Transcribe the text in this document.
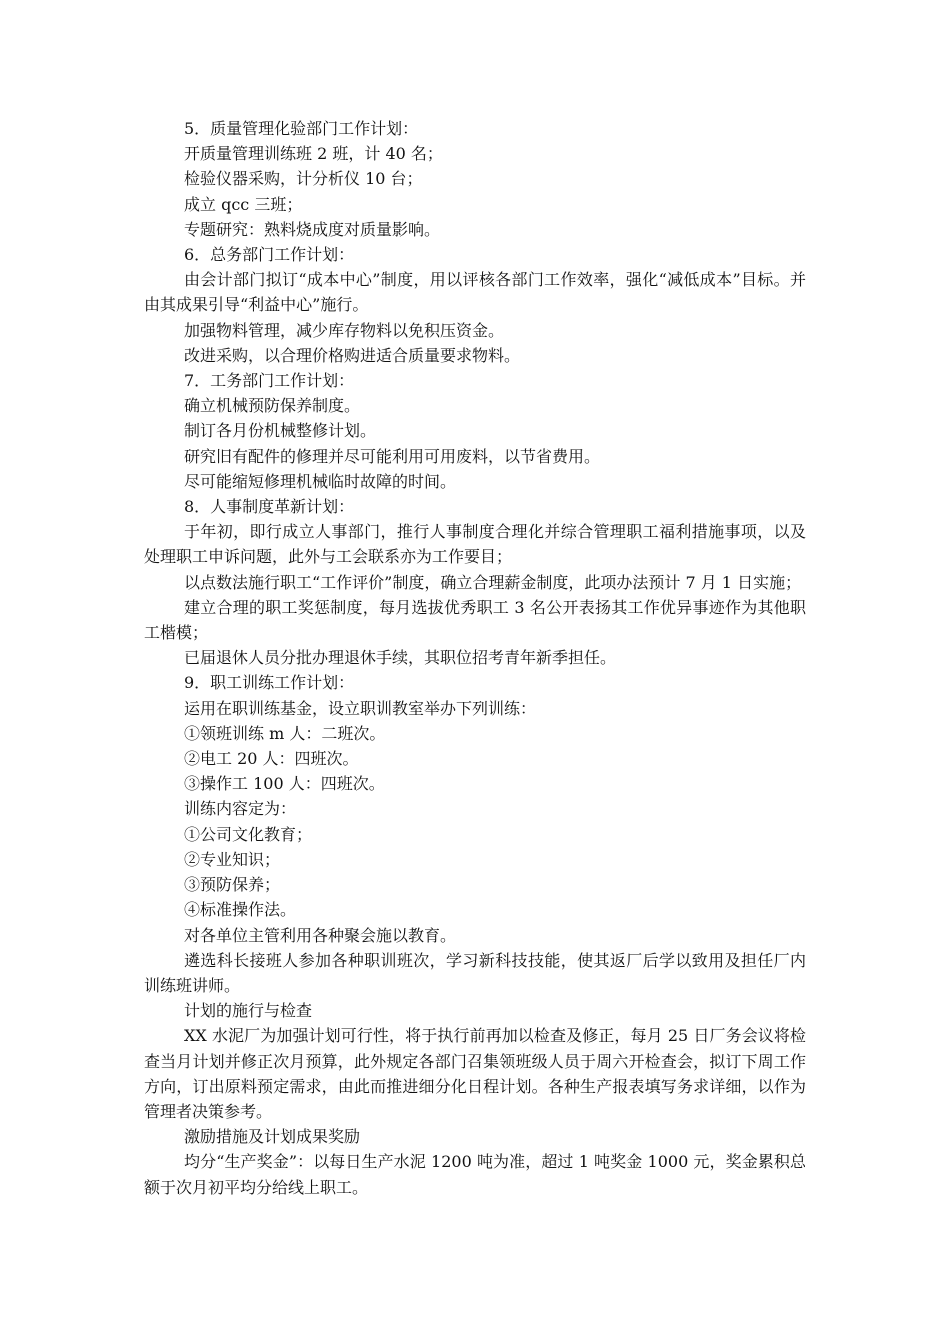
5．质量管理化验部门工作计划：

开质量管理训练班 2 班，计 40 名；

检验仪器采购，计分析仪 10 台；

成立 qcc 三班；

专题研究：熟料烧成度对质量影响。

6．总务部门工作计划：

由会计部门拟订“成本中心”制度，用以评核各部门工作效率，强化“减低成本”目标。并由其成果引导“利益中心”施行。

加强物料管理，减少库存物料以免积压资金。

改进采购，以合理价格购进适合质量要求物料。

7．工务部门工作计划：

确立机械预防保养制度。

制订各月份机械整修计划。

研究旧有配件的修理并尽可能利用可用废料，以节省费用。

尽可能缩短修理机械临时故障的时间。

8．人事制度革新计划：

于年初，即行成立人事部门，推行人事制度合理化并综合管理职工福利措施事项，以及处理职工申诉问题，此外与工会联系亦为工作要目；

以点数法施行职工“工作评价”制度，确立合理薪金制度，此项办法预计 7 月 1 日实施；

建立合理的职工奖惩制度，每月选拔优秀职工 3 名公开表扬其工作优异事迹作为其他职工楷模；

已届退休人员分批办理退休手续，其职位招考青年新季担任。

9．职工训练工作计划：

运用在职训练基金，设立职训教室举办下列训练：

①领班训练 m 人：二班次。

②电工 20 人：四班次。

③操作工 100 人：四班次。

训练内容定为：

①公司文化教育；

②专业知识；

③预防保养；

④标准操作法。

对各单位主管利用各种聚会施以教育。

遴选科长接班人参加各种职训班次，学习新科技技能，使其返厂后学以致用及担任厂内训练班讲师。

计划的施行与检查

XX 水泥厂为加强计划可行性，将于执行前再加以检查及修正，每月 25 日厂务会议将检查当月计划并修正次月预算，此外规定各部门召集领班级人员于周六开检查会，拟订下周工作方向，订出原料预定需求，由此而推进细分化日程计划。各种生产报表填写务求详细，以作为管理者决策参考。

激励措施及计划成果奖励

均分“生产奖金”：以每日生产水泥 1200 吨为准，超过 1 吨奖金 1000 元，奖金累积总额于次月初平均分给线上职工。
